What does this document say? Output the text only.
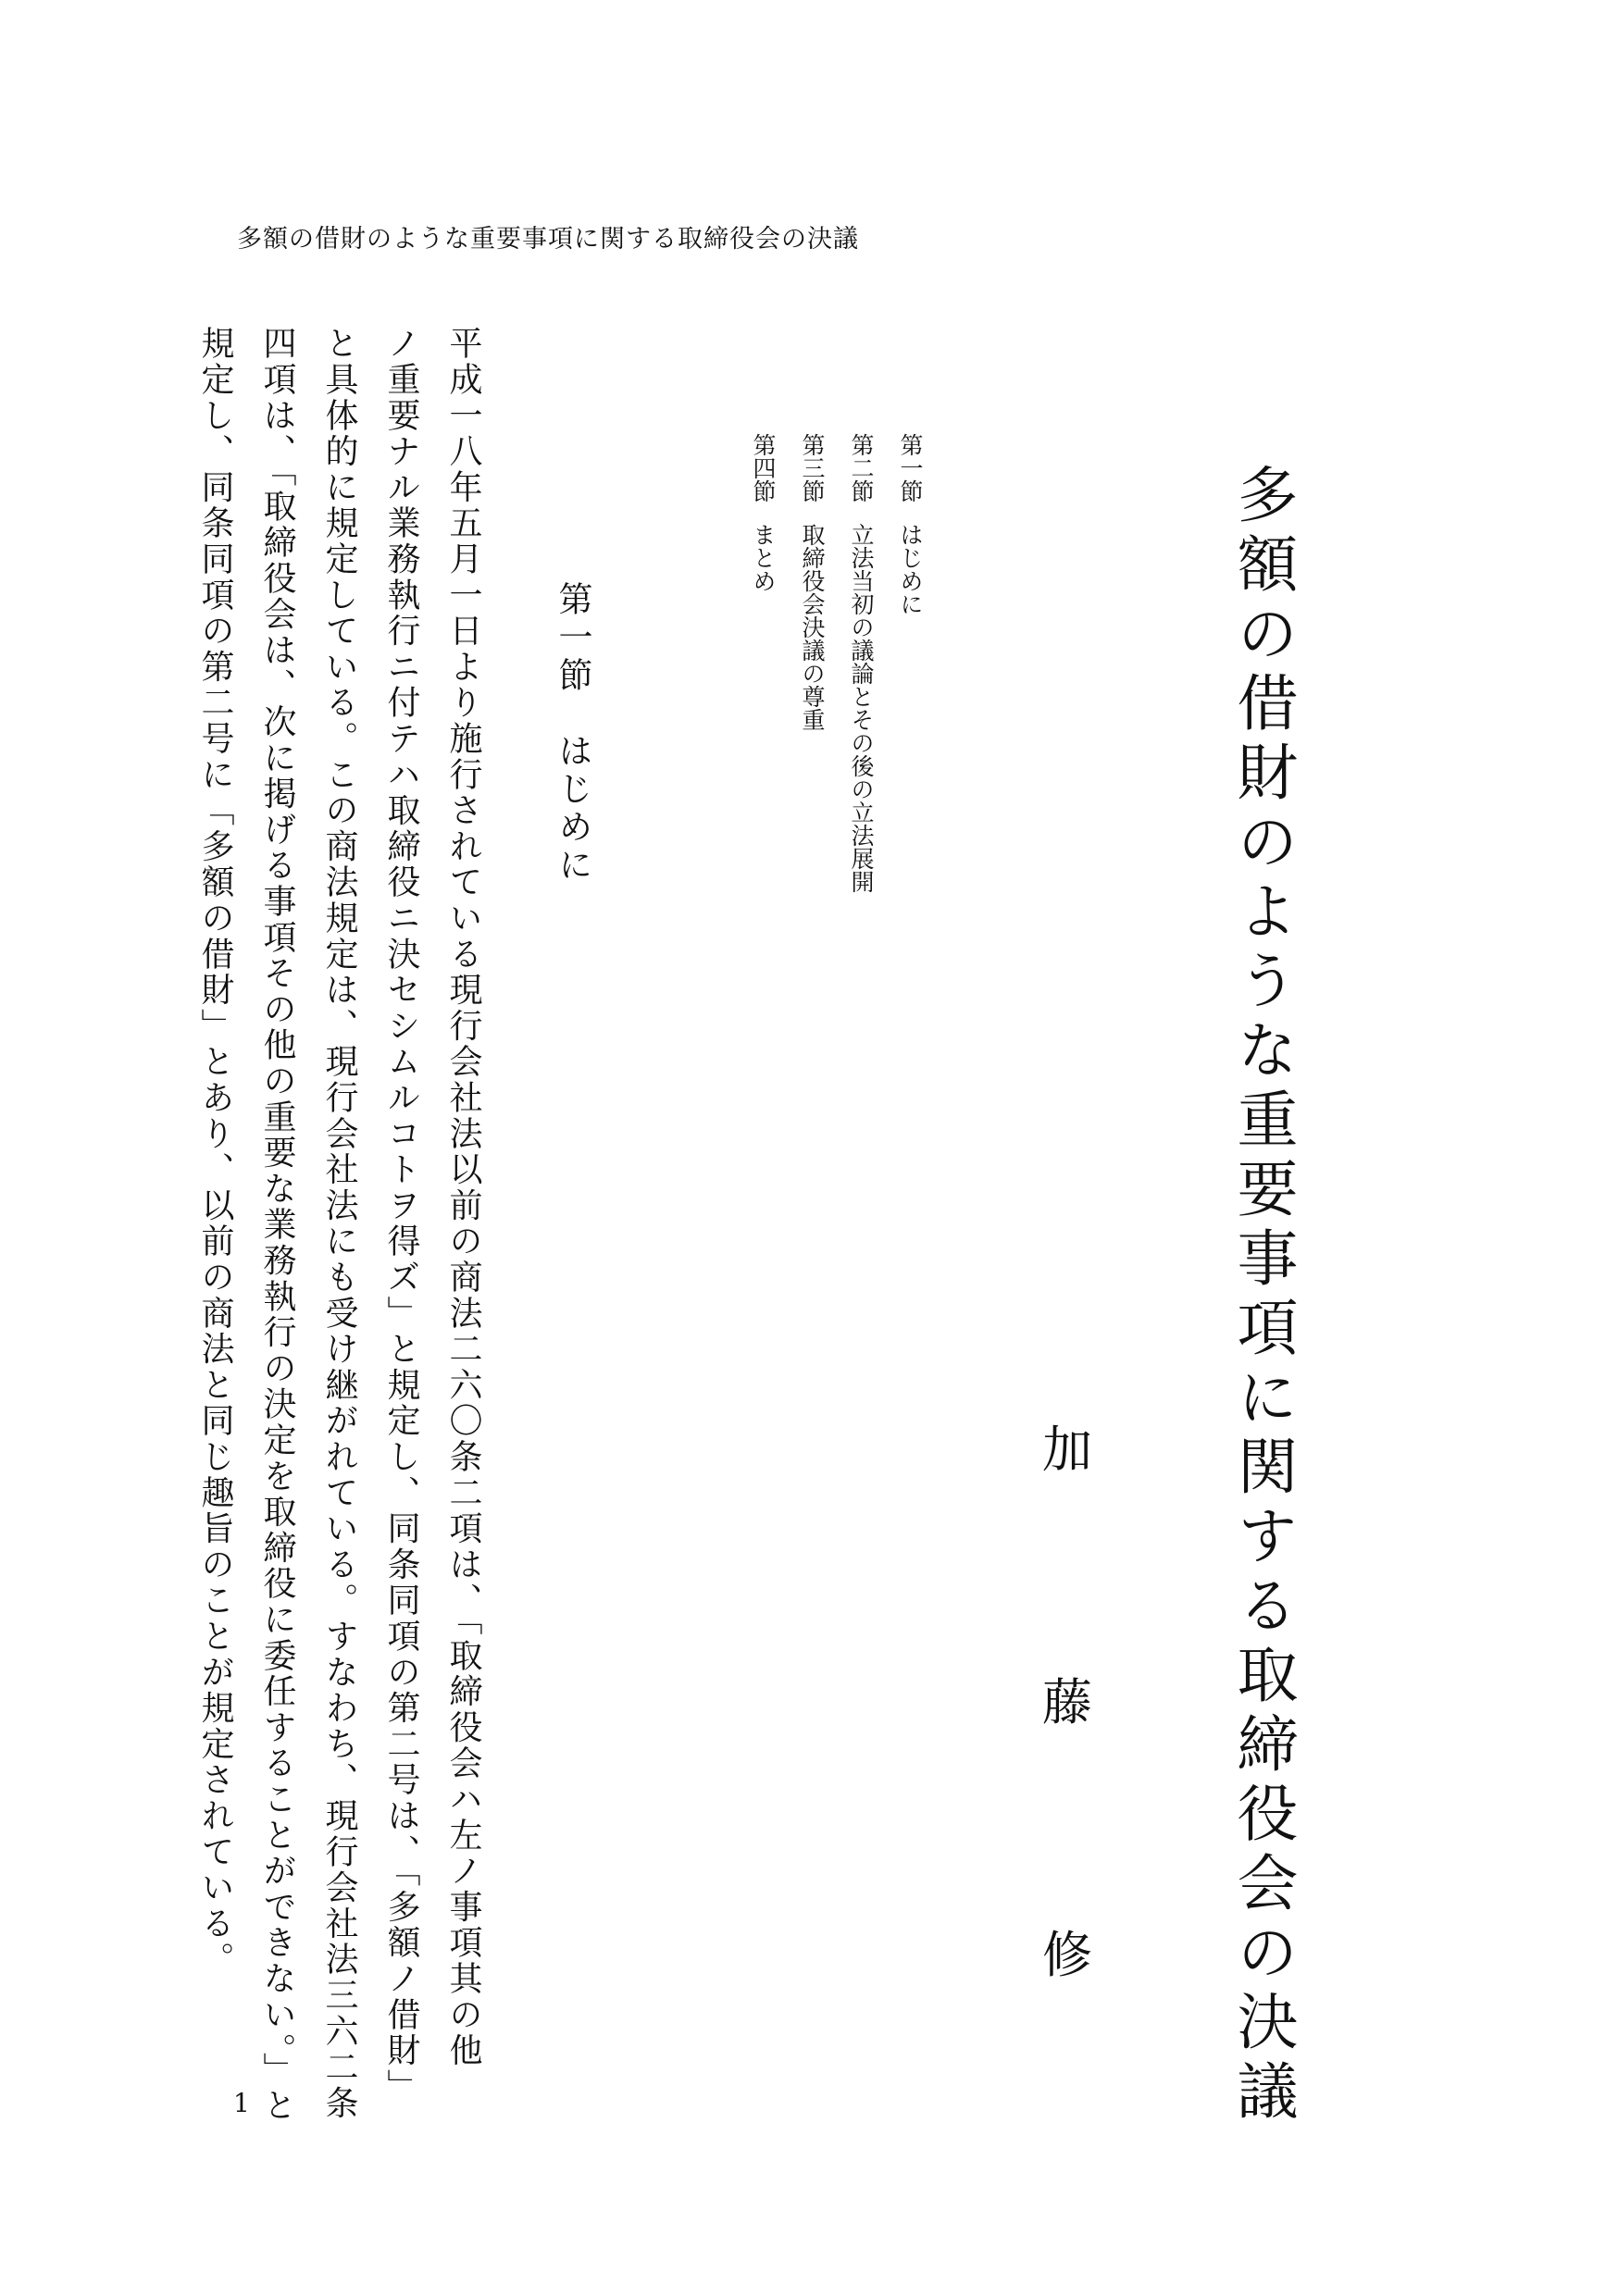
多額の借財のような重要事項に関する取締役会の決議
多額の借財のような重要事項に関する取締役会の決議
加
藤
修
第一節はじめに
第二節立法当初の議論とその後の立法展開
第三節取締役会決議の尊重
第四節まとめ
第一節　はじめに
平成一八年五月一日より施行されている現行会社法以前の商法二六〇条二項は、「取締役会ハ左ノ事項其の他
ノ重要ナル業務執行ニ付テハ取締役ニ決セシムルコトヲ得ズ」と規定し、同条同項の第二号は、「多額ノ借財」
と具体的に規定している。この商法規定は、現行会社法にも受け継がれている。すなわち、現行会社法三六二条
四項は、「取締役会は、次に掲げる事項その他の重要な業務執行の決定を取締役に委任することができない。」と
規定し、同条同項の第二号に「多額の借財」とあり、以前の商法と同じ趣旨のことが規定されている。
1
